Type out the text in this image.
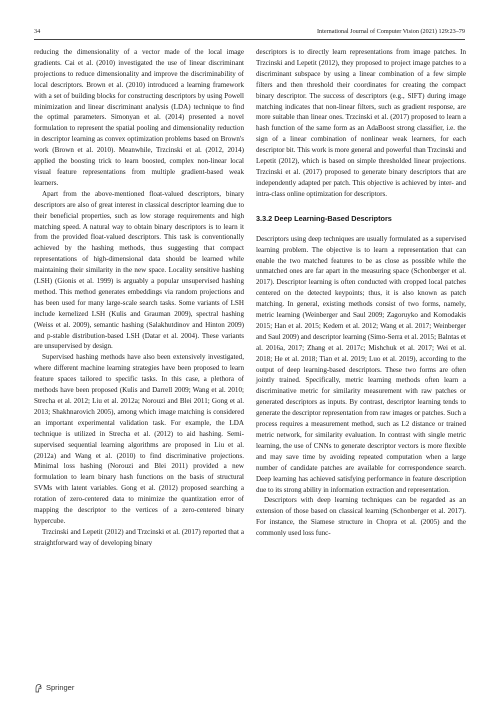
34	International Journal of Computer Vision (2021) 129:23–79

reducing the dimensionality of a vector made of the local image gradients. Cai et al. (2010) investigated the use of linear discriminant projections to reduce dimensionality and improve the discriminability of local descriptors. Brown et al. (2010) introduced a learning framework with a set of building blocks for constructing descriptors by using Powell minimization and linear discriminant analysis (LDA) technique to find the optimal parameters. Simonyan et al. (2014) presented a novel formulation to represent the spatial pooling and dimensionality reduction in descriptor learning as convex optimization problems based on Brown's work (Brown et al. 2010). Meanwhile, Trzcinski et al. (2012, 2014) applied the boosting trick to learn boosted, complex non-linear local visual feature representations from multiple gradient-based weak learners.

Apart from the above-mentioned float-valued descriptors, binary descriptors are also of great interest in classical descriptor learning due to their beneficial properties, such as low storage requirements and high matching speed. A natural way to obtain binary descriptors is to learn it from the provided float-valued descriptors. This task is conventionally achieved by the hashing methods, thus suggesting that compact representations of high-dimensional data should be learned while maintaining their similarity in the new space. Locality sensitive hashing (LSH) (Gionis et al. 1999) is arguably a popular unsupervised hashing method. This method generates embeddings via random projections and has been used for many large-scale search tasks. Some variants of LSH include kernelized LSH (Kulis and Grauman 2009), spectral hashing (Weiss et al. 2009), semantic hashing (Salakhutdinov and Hinton 2009) and p-stable distribution-based LSH (Datar et al. 2004). These variants are unsupervised by design.

Supervised hashing methods have also been extensively investigated, where different machine learning strategies have been proposed to learn feature spaces tailored to specific tasks. In this case, a plethora of methods have been proposed (Kulis and Darrell 2009; Wang et al. 2010; Strecha et al. 2012; Liu et al. 2012a; Norouzi and Blei 2011; Gong et al. 2013; Shakhnarovich 2005), among which image matching is considered an important experimental validation task. For example, the LDA technique is utilized in Strecha et al. (2012) to aid hashing. Semi-supervised sequential learning algorithms are proposed in Liu et al. (2012a) and Wang et al. (2010) to find discriminative projections. Minimal loss hashing (Norouzi and Blei 2011) provided a new formulation to learn binary hash functions on the basis of structural SVMs with latent variables. Gong et al. (2012) proposed searching a rotation of zero-centered data to minimize the quantization error of mapping the descriptor to the vertices of a zero-centered binary hypercube.

Trzcinski and Lepetit (2012) and Trzcinski et al. (2017) reported that a straightforward way of developing binary

descriptors is to directly learn representations from image patches. In Trzcinski and Lepetit (2012), they proposed to project image patches to a discriminant subspace by using a linear combination of a few simple filters and then threshold their coordinates for creating the compact binary descriptor. The success of descriptors (e.g., SIFT) during image matching indicates that non-linear filters, such as gradient response, are more suitable than linear ones. Trzcinski et al. (2017) proposed to learn a hash function of the same form as an AdaBoost strong classifier, i.e. the sign of a linear combination of nonlinear weak learners, for each descriptor bit. This work is more general and powerful than Trzcinski and Lepetit (2012), which is based on simple thresholded linear projections. Trzcinski et al. (2017) proposed to generate binary descriptors that are independently adapted per patch. This objective is achieved by inter- and intra-class online optimization for descriptors.

3.3.2 Deep Learning-Based Descriptors

Descriptors using deep techniques are usually formulated as a supervised learning problem. The objective is to learn a representation that can enable the two matched features to be as close as possible while the unmatched ones are far apart in the measuring space (Schonberger et al. 2017). Descriptor learning is often conducted with cropped local patches centered on the detected keypoints; thus, it is also known as patch matching. In general, existing methods consist of two forms, namely, metric learning (Weinberger and Saul 2009; Zagoruyko and Komodakis 2015; Han et al. 2015; Kedem et al. 2012; Wang et al. 2017; Weinberger and Saul 2009) and descriptor learning (Simo-Serra et al. 2015; Balntas et al. 2016a, 2017; Zhang et al. 2017c; Mishchuk et al. 2017; Wei et al. 2018; He et al. 2018; Tian et al. 2019; Luo et al. 2019), according to the output of deep learning-based descriptors. These two forms are often jointly trained. Specifically, metric learning methods often learn a discriminative metric for similarity measurement with raw patches or generated descriptors as inputs. By contrast, descriptor learning tends to generate the descriptor representation from raw images or patches. Such a process requires a measurement method, such as L2 distance or trained metric network, for similarity evaluation. In contrast with single metric learning, the use of CNNs to generate descriptor vectors is more flexible and may save time by avoiding repeated computation when a large number of candidate patches are available for correspondence search. Deep learning has achieved satisfying performance in feature description due to its strong ability in information extraction and representation.

Descriptors with deep learning techniques can be regarded as an extension of those based on classical learning (Schonberger et al. 2017). For instance, the Siamese structure in Chopra et al. (2005) and the commonly used loss func-

Springer
